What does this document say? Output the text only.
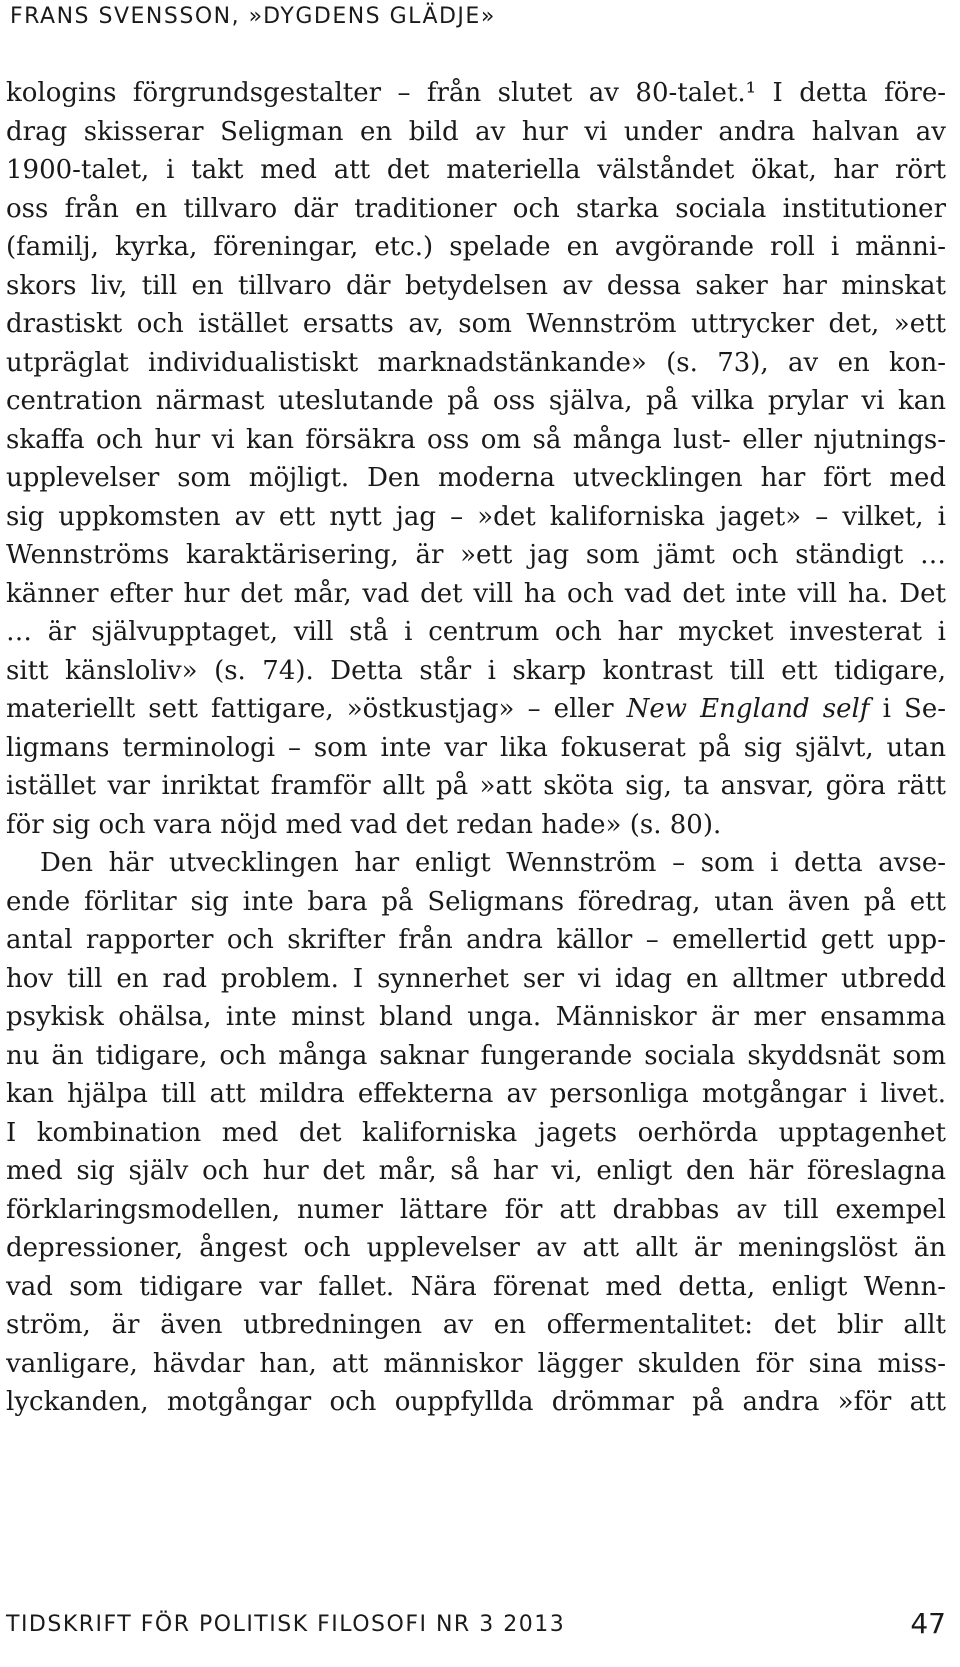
FRANS SVENSSON, »DYGDENS GLÄDJE»
kologins förgrundsgestalter – från slutet av 80-talet.¹ I detta före-
drag skisserar Seligman en bild av hur vi under andra halvan av
1900-talet, i takt med att det materiella välståndet ökat, har rört
oss från en tillvaro där traditioner och starka sociala institutioner
(familj, kyrka, föreningar, etc.) spelade en avgörande roll i männi-
skors liv, till en tillvaro där betydelsen av dessa saker har minskat
drastiskt och istället ersatts av, som Wennström uttrycker det, »ett
utpräglat individualistiskt marknadstänkande» (s. 73), av en kon-
centration närmast uteslutande på oss själva, på vilka prylar vi kan
skaffa och hur vi kan försäkra oss om så många lust- eller njutnings-
upplevelser som möjligt. Den moderna utvecklingen har fört med
sig uppkomsten av ett nytt jag – »det kaliforniska jaget» – vilket, i
Wennströms karaktärisering, är »ett jag som jämt och ständigt …
känner efter hur det mår, vad det vill ha och vad det inte vill ha. Det
… är självupptaget, vill stå i centrum och har mycket investerat i
sitt känsloliv» (s. 74). Detta står i skarp kontrast till ett tidigare,
materiellt sett fattigare, »östkustjag» – eller New England self i Se-
ligmans terminologi – som inte var lika fokuserat på sig självt, utan
istället var inriktat framför allt på »att sköta sig, ta ansvar, göra rätt
för sig och vara nöjd med vad det redan hade» (s. 80).
Den här utvecklingen har enligt Wennström – som i detta avse-
ende förlitar sig inte bara på Seligmans föredrag, utan även på ett
antal rapporter och skrifter från andra källor – emellertid gett upp-
hov till en rad problem. I synnerhet ser vi idag en alltmer utbredd
psykisk ohälsa, inte minst bland unga. Människor är mer ensamma
nu än tidigare, och många saknar fungerande sociala skyddsnät som
kan hjälpa till att mildra effekterna av personliga motgångar i livet.
I kombination med det kaliforniska jagets oerhörda upptagenhet
med sig själv och hur det mår, så har vi, enligt den här föreslagna
förklaringsmodellen, numer lättare för att drabbas av till exempel
depressioner, ångest och upplevelser av att allt är meningslöst än
vad som tidigare var fallet. Nära förenat med detta, enligt Wenn-
ström, är även utbredningen av en offermentalitet: det blir allt
vanligare, hävdar han, att människor lägger skulden för sina miss-
lyckanden, motgångar och ouppfyllda drömmar på andra »för att
TIDSKRIFT FÖR POLITISK FILOSOFI NR 3 2013	47
